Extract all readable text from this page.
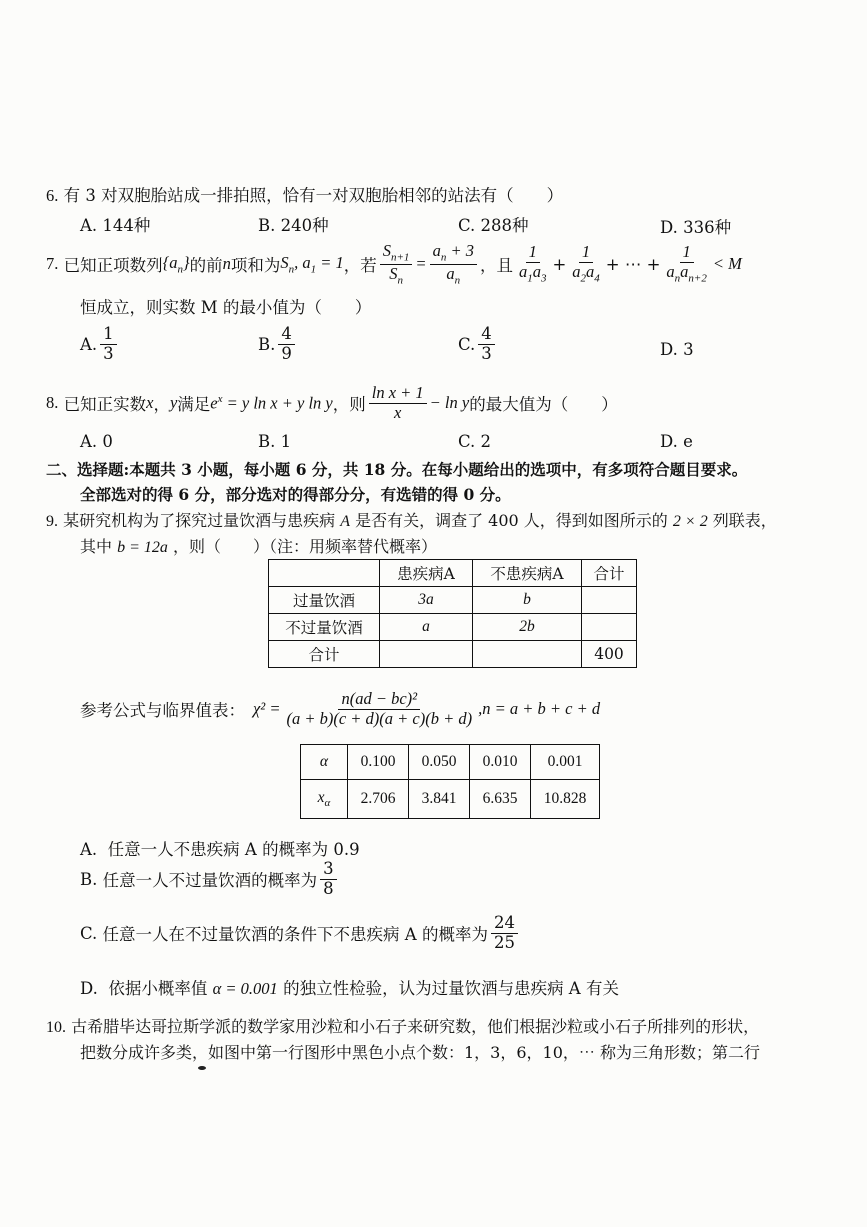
6. 有 3 对双胞胎站成一排拍照，恰有一对双胞胎相邻的站法有（　　）
A. 144种	B. 240种	C. 288种	D. 336种
7.
已知正项数列 $\{a_n\}$ 的前 n 项和为 $S_n$, $a_1 = 1$ ，若 $\frac{S_{n+1}}{S_n} = \frac{a_n + 3}{a_n}$ ，且 $\frac{1}{a_1a_3} + \frac{1}{a_2a_4}$ + ⋯ + $\frac{1}{a_na_{n+2}} < M$
恒成立，则实数 M 的最小值为（　　）
A. $\frac{1}{3}$	B. $\frac{4}{9}$	C. $\frac{4}{3}$	D. 3
8.
已知正实数 x ， y 满足 $e^x = y$ ln x + y ln y ，则 $\frac{\text{ln x + 1}}{x} - \ln y$ 的最大值为（　　）
A. 0	B. 1	C. 2	D. e
二、选择题:本题共 3 小题，每小题 6 分，共 18 分。在每小题给出的选项中，有多项符合题目要求。
全部选对的得 6 分，部分选对的得部分分，有选错的得 0 分。
9. 某研究机构为了探究过量饮酒与患疾病 A 是否有关，调查了 400 人，得到如图所示的 2 × 2 列联表，
其中 b = 12a ，则（　　）（注：用频率替代概率）
	患疾病A	不患疾病A	合计
过量饮酒	3a	b	
不过量饮酒	a	2b	
合计			400
参考公式与临界值表： $\chi^2 = \frac{\text{n(ad − bc)²}}{(a + b)(c + d)(a + c)(b + d)} ,n = a + b + c + d$
α	0.100	0.050	0.010	0.001
$x_\alpha$	2.706	3.841	6.635	10.828
A. 任意一人不患疾病 A 的概率为 0.9
B.
任意一人不过量饮酒的概率为 $\frac{3}{8}$
C.
任意一人在不过量饮酒的条件下不患疾病 A 的概率为 $\frac{24}{25}$
D. 依据小概率值 α = 0.001 的独立性检验，认为过量饮酒与患疾病 A 有关
10. 古希腊毕达哥拉斯学派的数学家用沙粒和小石子来研究数，他们根据沙粒或小石子所排列的形状，
把数分成许多类，如图中第一行图形中黑色小点个数：1，3，6，10，⋯ 称为三角形数；第二行
